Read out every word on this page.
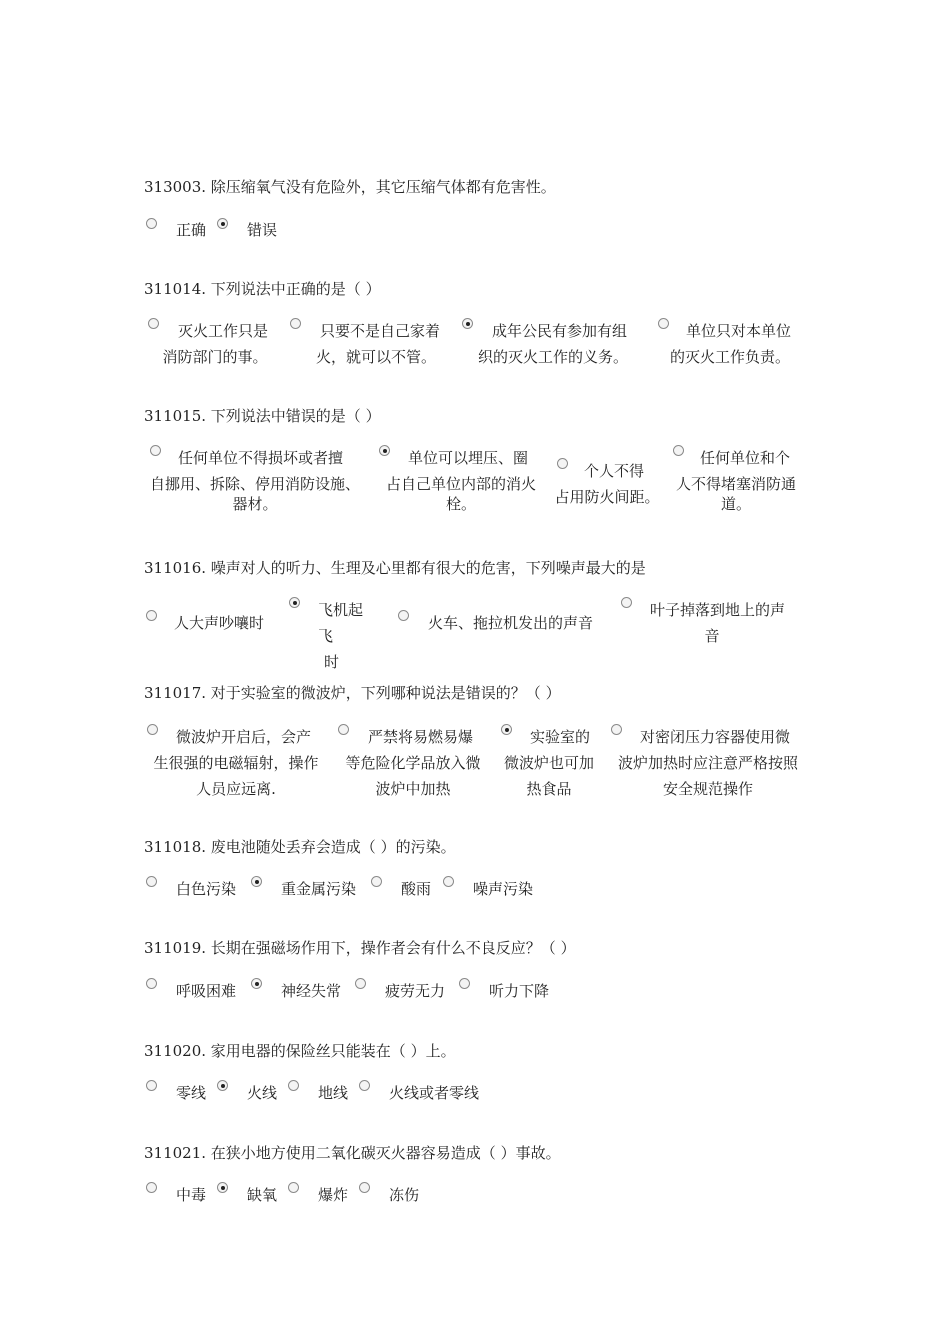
313003. 除压缩氧气没有危险外，其它压缩气体都有危害性。
正确	错误
311014. 下列说法中正确的是（ ）
灭火工作只是
消防部门的事。
只要不是自己家着
火，就可以不管。
成年公民有参加有组
织的灭火工作的义务。
单位只对本单位
的灭火工作负责。
311015. 下列说法中错误的是（ ）
任何单位不得损坏或者擅
自挪用、拆除、停用消防设施、
器材。
单位可以埋压、圈
占自己单位内部的消火
栓。
个人不得
占用防火间距。
任何单位和个
人不得堵塞消防通
道。
311016. 噪声对人的听力、生理及心里都有很大的危害，下列噪声最大的是
人大声吵嚷时
飞机起飞
时
火车、拖拉机发出的声音
叶子掉落到地上的声
音
311017. 对于实验室的微波炉，下列哪种说法是错误的？（ ）
微波炉开启后，会产
生很强的电磁辐射，操作
人员应远离.
严禁将易燃易爆
等危险化学品放入微
波炉中加热
实验室的
微波炉也可加
热食品
对密闭压力容器使用微
波炉加热时应注意严格按照
安全规范操作
311018. 废电池随处丢弃会造成（ ）的污染。
白色污染	重金属污染	酸雨	噪声污染
311019. 长期在强磁场作用下，操作者会有什么不良反应？（ ）
呼吸困难	神经失常	疲劳无力	听力下降
311020. 家用电器的保险丝只能装在（ ）上。
零线	火线	地线	火线或者零线
311021. 在狭小地方使用二氧化碳灭火器容易造成（ ）事故。
中毒	缺氧	爆炸	冻伤
